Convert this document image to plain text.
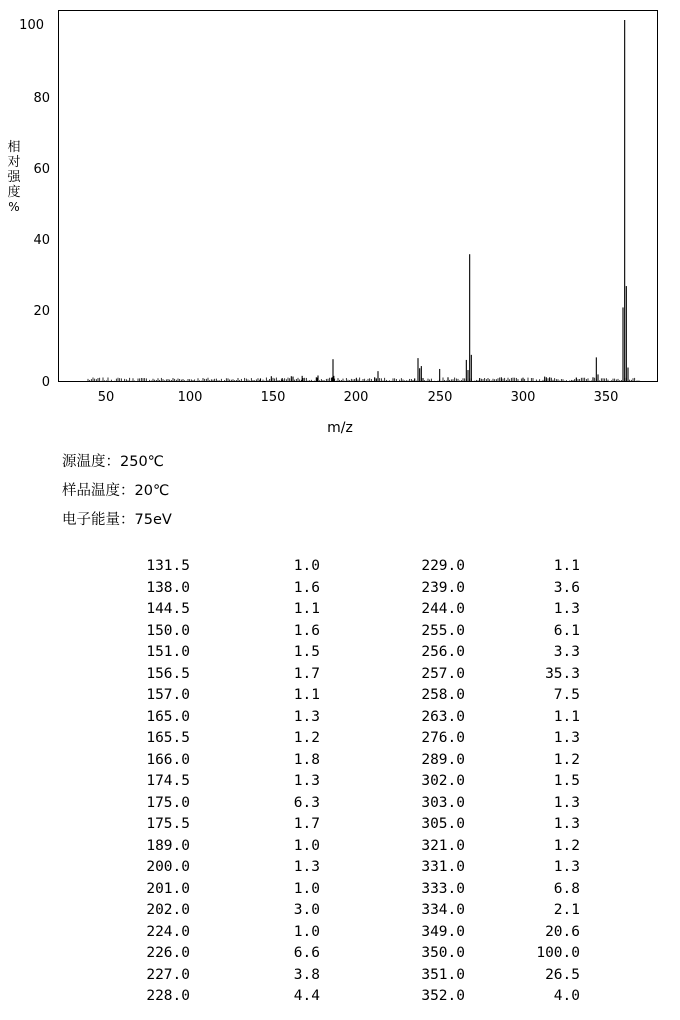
相
对
强
度
%
0
20
40
60
80
100
50	100	150	200	250	300	350
m/z
源温度：250℃
样品温度：20℃
电子能量：75eV
131.5	1.0	229.0	1.1
138.0	1.6	239.0	3.6
144.5	1.1	244.0	1.3
150.0	1.6	255.0	6.1
151.0	1.5	256.0	3.3
156.5	1.7	257.0	35.3
157.0	1.1	258.0	7.5
165.0	1.3	263.0	1.1
165.5	1.2	276.0	1.3
166.0	1.8	289.0	1.2
174.5	1.3	302.0	1.5
175.0	6.3	303.0	1.3
175.5	1.7	305.0	1.3
189.0	1.0	321.0	1.2
200.0	1.3	331.0	1.3
201.0	1.0	333.0	6.8
202.0	3.0	334.0	2.1
224.0	1.0	349.0	20.6
226.0	6.6	350.0	100.0
227.0	3.8	351.0	26.5
228.0	4.4	352.0	4.0
